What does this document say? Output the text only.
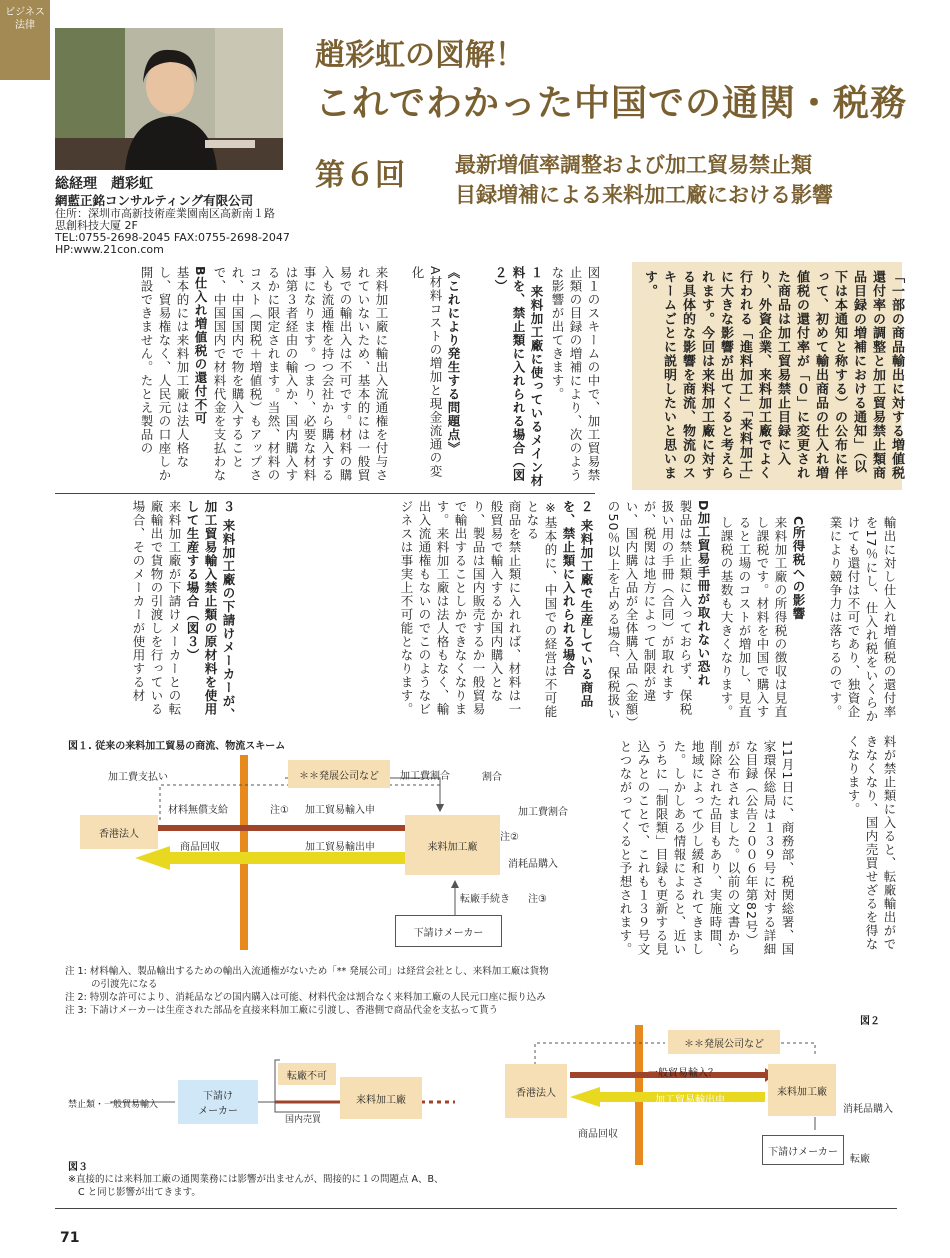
ビジネス
法律
趙彩虹の図解！
これでわかった中国での通関・税務
第６回 最新増値率調整および加工貿易禁止類
目録増補による来料加工廠における影響
総経理　趙彩虹
網藍正銘コンサルティング有限公司
住所：深圳市高新技術産業園南区高新南１路
思創科技大厦 2F
TEL:0755-2698-2045 FAX:0755-2698-2047
HP:www.21con.com
「一部の商品輸出に対する増値税還付率の調整と加工貿易禁止類商品目録の増補における通知」（以下は本通知と称する）の公布に伴って、初めて輸出商品の仕入れ増値税の還付率が「０」に変更された商品は加工貿易禁止目録に入り、外資企業、来料加工廠でよく行われる「進料加工」「来料加工」に大きな影響が出てくると考えられます。今回は来料加工廠に対する具体的な影響を商流、物流のスキームごとに説明したいと思います。

輸出に対し仕入れ増値税の還付率を17％にし、仕入れ税をいくらかけても還付は不可であり、独資企業により競争力は落ちるのです。

C所得税への影響

来料加工廠の所得税の徴収は見直し課税です。材料を中国で購入すると工場のコストが増加し、見直し課税の基数も大きくなります。

D加工貿易手冊が取れない恐れ

製品は禁止類に入っておらず、保税扱い用の手冊（合同）が取れますが、税関は地方によって制限が違い、国内購入品が全体購入品（金額）の50％以上を占める場合、保税扱い

図１のスキームの中で、加工貿易禁止類の目録の増補により、次のような影響が出てきます。

１ 来料加工廠に使っているメイン材料を、禁止類に入れられる場合（図２）

《これにより発生する問題点》

A材料コストの増加と現金流通の変化

来料加工廠に輸出入流通権を付与されていないため、基本的には一般貿易での輸出入は不可です。材料の購入も流通権を持つ会社から購入する事になります。つまり、必要な材料は第３者経由の輸入か、国内購入するかに限定されます。当然、材料のコスト（関税＋増値税）もアップされ、中国国内で物を購入することで、中国国内で材料代金を支払わな

B仕入れ増値税の還付不可

基本的には来料加工廠は法人格なし、貿易権なく、人民元の口座しか開設できません。たとえ製品の

料が禁止類に入ると、転廠輸出ができなくなり、国内売買せざるを得なくなります。

11月1日に、商務部、税関総署、国家環保総局は１３９号に対する詳細な目録（公告２００６年第82号）が公布されました。以前の文書から削除された品目もあり、実施時間、地域によって少し緩和されてきました。しかしある情報によると、近いうちに「制限類」目録も更新する見込みとのことで、これも１３９号文とつながってくると予想されます。

２ 来料加工廠で生産している商品を、禁止類に入れられる場合

※基本的に、中国での経営は不可能となる

商品を禁止類に入れれば、材料は一般貿易で輸入するか国内購入となり、製品は国内販売するか一般貿易で輸出することしかできなくなります。来料加工廠は法人格もなく、輸出入流通権もないのでこのようなビジネスは事実上不可能となります。

３ 来料加工廠の下請けメーカーが、加工貿易輸入禁止類の原材料を使用して生産する場合（図３）

来料加工廠が下請けメーカーとの転廠輸出で貨物の引渡しを行っている場合、そのメーカーが使用する材

図１. 従来の来料加工貿易の商流、物流スキーム
香港法人
＊＊発展公司など
来料加工廠
下請けメーカー
加工費支払い	加工費割合	割合
材料無償支給	注① 加工貿易輸入申	加工費割合
注②
商品回収	加工貿易輸出申
消耗品購入
転廠手続き 注③
注 1: 材料輸入、製品輸出するための輸出入流通権がないため「** 発展公司」は経営会社とし、来料加工廠は貨物
の引渡先になる
注 2: 特別な許可により、消耗品などの国内購入は可能、材料代金は割合なく来料加工廠の人民元口座に振り込み
注 3: 下請けメーカーは生産された部品を直接来料加工廠に引渡し、香港側で商品代金を支払って貰う
図２
＊＊発展公司など
香港法人	来料加工廠
下請けメーカー
一般貿易輸入？
加工貿易輸出申
消耗品購入
商品回収
転廠
下請け
メーカー
転廠不可
来料加工廠
禁止類・一般貿易輸入
国内売買
図３
※直接的には来料加工廠の通関業務には影響が出ませんが、間接的に１の問題点 A、B、
C と同じ影響が出てきます。
71
